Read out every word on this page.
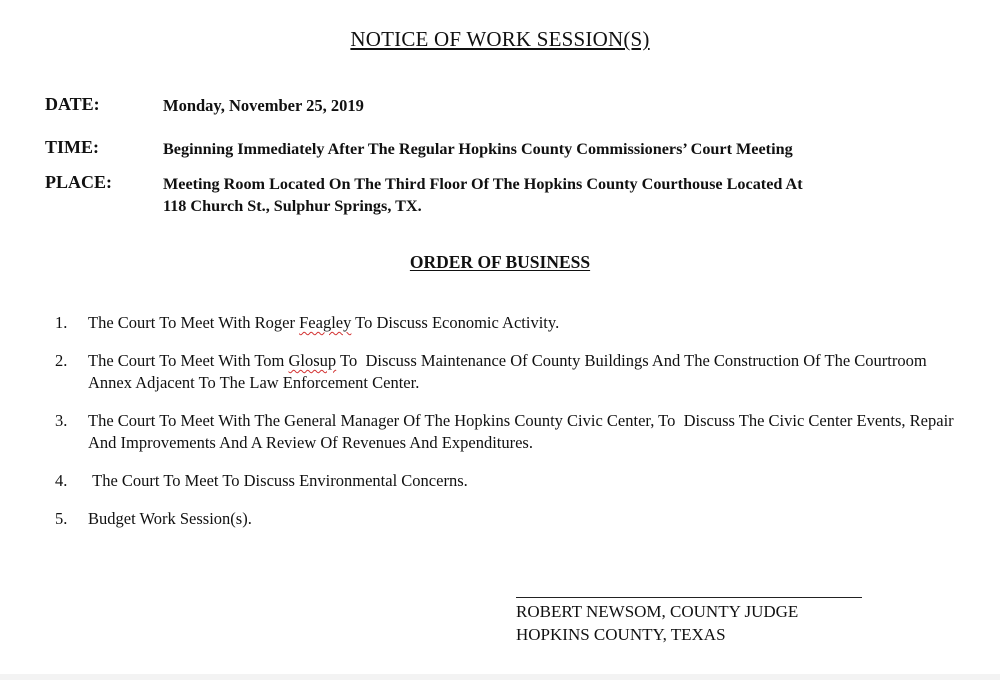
NOTICE OF WORK SESSION(S)
DATE:	Monday, November 25, 2019
TIME:	Beginning Immediately After The Regular Hopkins County Commissioners’ Court Meeting
PLACE:	Meeting Room Located On The Third Floor Of The Hopkins County Courthouse Located At
118 Church St., Sulphur Springs, TX.
ORDER OF BUSINESS
1. The Court To Meet With Roger Feagley To Discuss Economic Activity.
2. The Court To Meet With Tom Glosup To  Discuss Maintenance Of County Buildings And The Construction Of The Courtroom Annex Adjacent To The Law Enforcement Center.
3. The Court To Meet With The General Manager Of The Hopkins County Civic Center, To  Discuss The Civic Center Events, Repair And Improvements And A Review Of Revenues And Expenditures.
4. The Court To Meet To Discuss Environmental Concerns.
5. Budget Work Session(s).
ROBERT NEWSOM, COUNTY JUDGE
HOPKINS COUNTY, TEXAS
